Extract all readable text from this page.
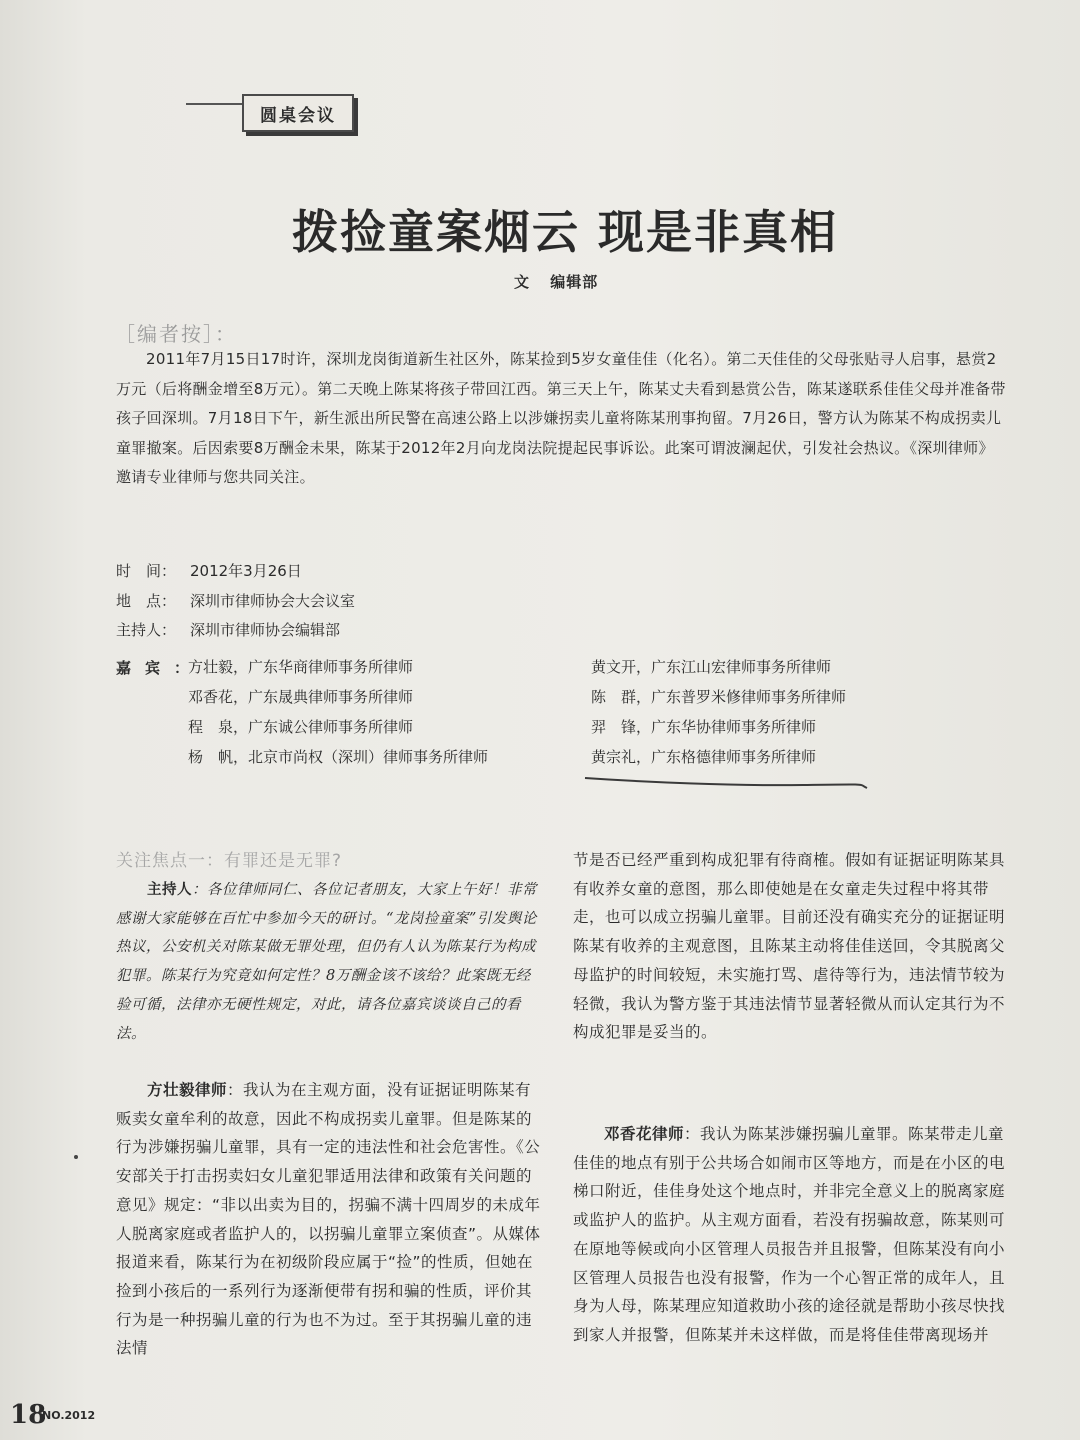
圆桌会议
拨捡童案烟云 现是非真相
文 编辑部
［编者按］：
2011年7月15日17时许，深圳龙岗街道新生社区外，陈某捡到5岁女童佳佳（化名）。第二天佳佳的父母张贴寻人启事，悬赏2万元（后将酬金增至8万元）。第二天晚上陈某将孩子带回江西。第三天上午，陈某丈夫看到悬赏公告，陈某遂联系佳佳父母并准备带孩子回深圳。7月18日下午，新生派出所民警在高速公路上以涉嫌拐卖儿童将陈某刑事拘留。7月26日，警方认为陈某不构成拐卖儿童罪撤案。后因索要8万酬金未果，陈某于2012年2月向龙岗法院提起民事诉讼。此案可谓波澜起伏，引发社会热议。《深圳律师》邀请专业律师与您共同关注。
时　间： 2012年3月26日
地　点： 深圳市律师协会大会议室
主持人： 深圳市律师协会编辑部
嘉宾：
方壮毅，广东华商律师事务所律师
邓香花，广东晟典律师事务所律师
程　泉，广东诚公律师事务所律师
杨　帆，北京市尚权（深圳）律师事务所律师
黄文开，广东江山宏律师事务所律师
陈　群，广东普罗米修律师事务所律师
羿　锋，广东华协律师事务所律师
黄宗礼，广东格德律师事务所律师
关注焦点一：有罪还是无罪?

主持人：各位律师同仁、各位记者朋友，大家上午好！非常感谢大家能够在百忙中参加今天的研讨。“龙岗捡童案”引发舆论热议，公安机关对陈某做无罪处理，但仍有人认为陈某行为构成犯罪。陈某行为究竟如何定性？8万酬金该不该给？此案既无经验可循，法律亦无硬性规定，对此，请各位嘉宾谈谈自己的看法。

方壮毅律师：我认为在主观方面，没有证据证明陈某有贩卖女童牟利的故意，因此不构成拐卖儿童罪。但是陈某的行为涉嫌拐骗儿童罪，具有一定的违法性和社会危害性。《公安部关于打击拐卖妇女儿童犯罪适用法律和政策有关问题的意见》规定：“非以出卖为目的，拐骗不满十四周岁的未成年人脱离家庭或者监护人的，以拐骗儿童罪立案侦查”。从媒体报道来看，陈某行为在初级阶段应属于“捡”的性质，但她在捡到小孩后的一系列行为逐渐便带有拐和骗的性质，评价其行为是一种拐骗儿童的行为也不为过。至于其拐骗儿童的违法情

节是否已经严重到构成犯罪有待商榷。假如有证据证明陈某具有收养女童的意图，那么即使她是在女童走失过程中将其带走，也可以成立拐骗儿童罪。目前还没有确实充分的证据证明陈某有收养的主观意图，且陈某主动将佳佳送回，令其脱离父母监护的时间较短，未实施打骂、虐待等行为，违法情节较为轻微，我认为警方鉴于其违法情节显著轻微从而认定其行为不构成犯罪是妥当的。

邓香花律师：我认为陈某涉嫌拐骗儿童罪。陈某带走儿童佳佳的地点有别于公共场合如闹市区等地方，而是在小区的电梯口附近，佳佳身处这个地点时，并非完全意义上的脱离家庭或监护人的监护。从主观方面看，若没有拐骗故意，陈某则可在原地等候或向小区管理人员报告并且报警，但陈某没有向小区管理人员报告也没有报警，作为一个心智正常的成年人，且身为人母，陈某理应知道救助小孩的途径就是帮助小孩尽快找到家人并报警，但陈某并未这样做，而是将佳佳带离现场并

18
NO.2012
